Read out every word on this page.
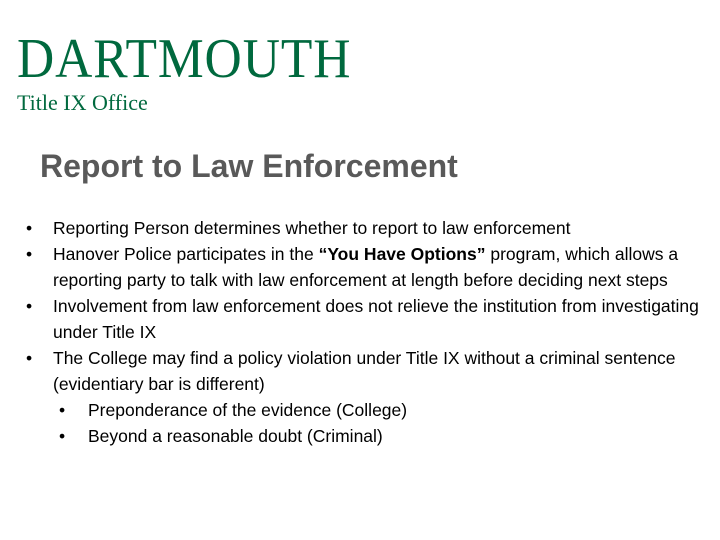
DARTMOUTH
Title IX Office
Report to Law Enforcement
• Reporting Person determines whether to report to law enforcement
• Hanover Police participates in the “You Have Options” program, which allows a reporting party to talk with law enforcement at length before deciding next steps
• Involvement from law enforcement does not relieve the institution from investigating under Title IX
• The College may find a policy violation under Title IX without a criminal sentence (evidentiary bar is different)
• Preponderance of the evidence (College)
• Beyond a reasonable doubt (Criminal)
